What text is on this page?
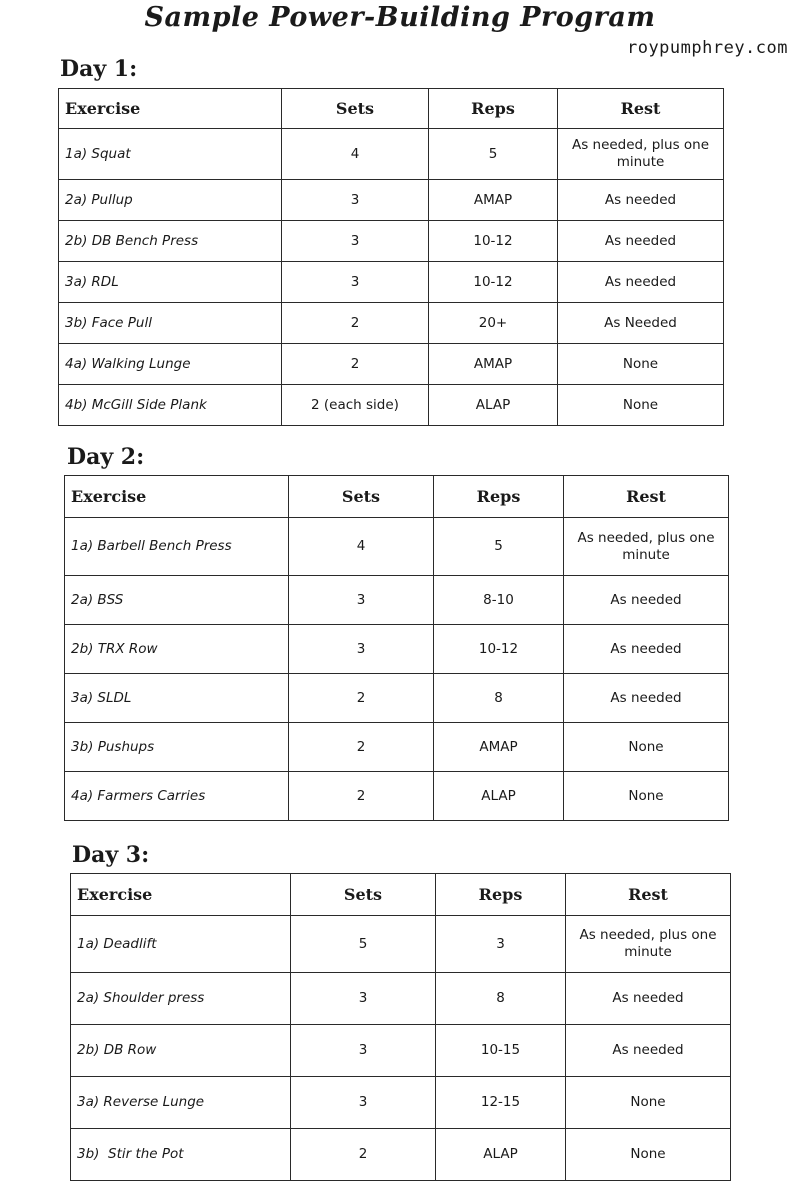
Sample Power-Building Program
roypumphrey.com
Day 1:
Exercise	Sets	Reps	Rest
1a) Squat	4	5	As needed, plus one minute
2a) Pullup	3	AMAP	As needed
2b) DB Bench Press	3	10-12	As needed
3a) RDL	3	10-12	As needed
3b) Face Pull	2	20+	As Needed
4a) Walking Lunge	2	AMAP	None
4b) McGill Side Plank	2 (each side)	ALAP	None
Day 2:
Exercise	Sets	Reps	Rest
1a) Barbell Bench Press	4	5	As needed, plus one minute
2a) BSS	3	8-10	As needed
2b) TRX Row	3	10-12	As needed
3a) SLDL	2	8	As needed
3b) Pushups	2	AMAP	None
4a) Farmers Carries	2	ALAP	None
Day 3:
Exercise	Sets	Reps	Rest
1a) Deadlift	5	3	As needed, plus one minute
2a) Shoulder press	3	8	As needed
2b) DB Row	3	10-15	As needed
3a) Reverse Lunge	3	12-15	None
3b)  Stir the Pot	2	ALAP	None
